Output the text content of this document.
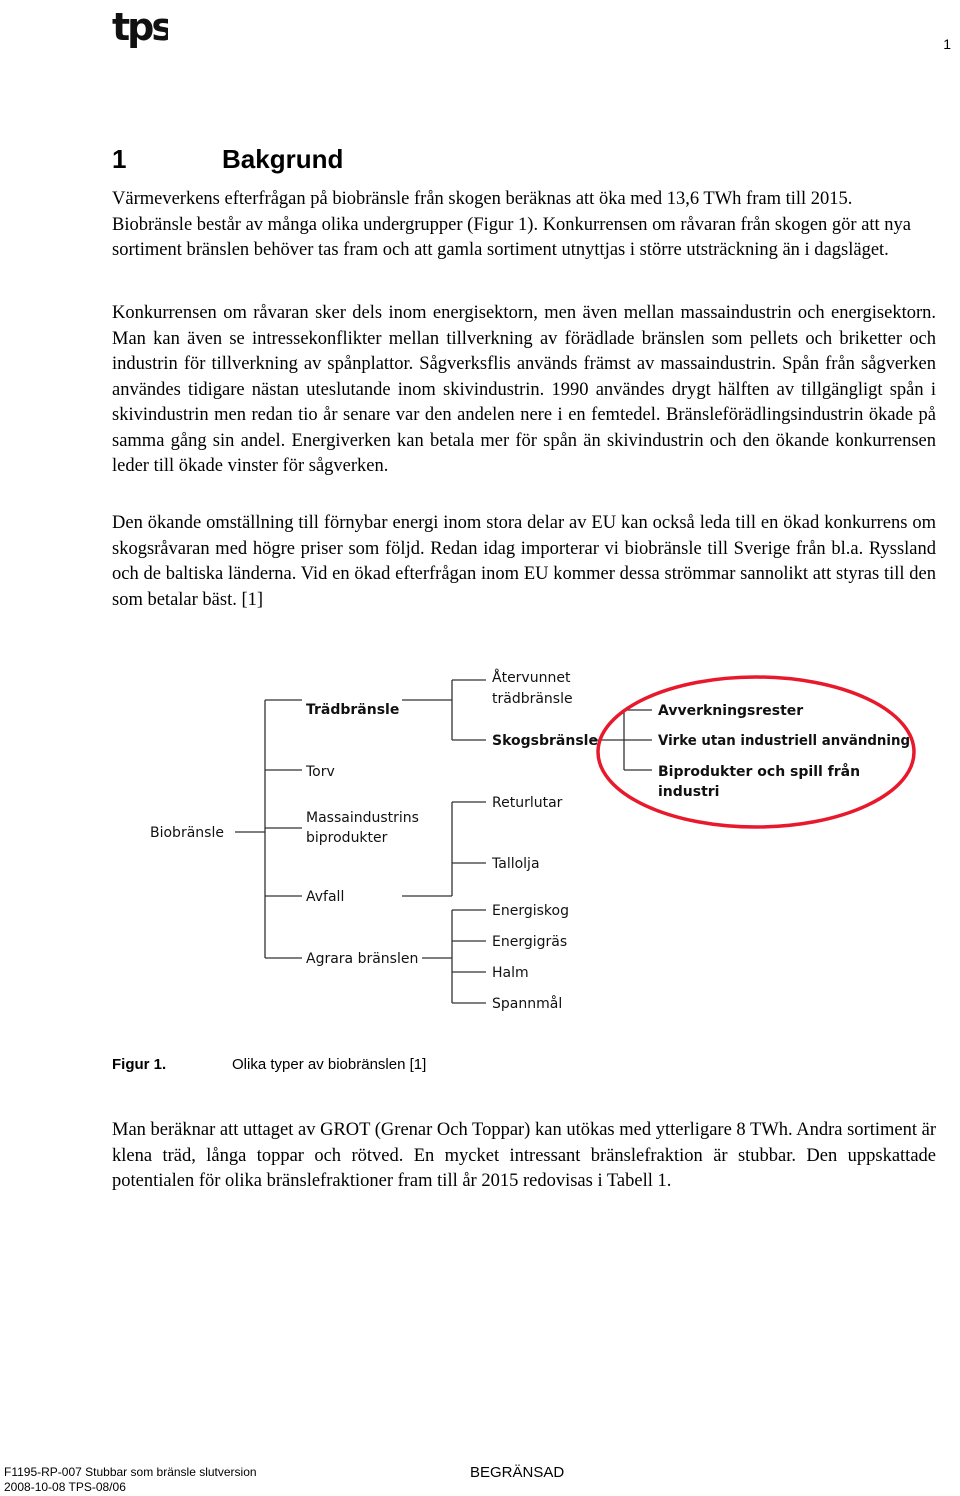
tps	1
1	Bakgrund

Värmeverkens efterfrågan på biobränsle från skogen beräknas att öka med 13,6 TWh fram till 2015. Biobränsle består av många olika undergrupper (Figur 1). Konkurrensen om råvaran från skogen gör att nya sortiment bränslen behöver tas fram och att gamla sortiment utnyttjas i större utsträckning än i dagsläget.

Konkurrensen om råvaran sker dels inom energisektorn, men även mellan massaindustrin och energisektorn. Man kan även se intressekonflikter mellan tillverkning av förädlade bränslen som pellets och briketter och industrin för tillverkning av spånplattor. Sågverksflis används främst av massaindustrin. Spån från sågverken användes tidigare nästan uteslutande inom skivindustrin. 1990 användes drygt hälften av tillgängligt spån i skivindustrin men redan tio år senare var den andelen nere i en femtedel. Bränsleförädlingsindustrin ökade på samma gång sin andel. Energiverken kan betala mer för spån än skivindustrin och den ökande konkurrensen leder till ökade vinster för sågverken.

Den ökande omställning till förnybar energi inom stora delar av EU kan också leda till en ökad konkurrens om skogsråvaran med högre priser som följd. Redan idag importerar vi biobränsle till Sverige från bl.a. Ryssland och de baltiska länderna. Vid en ökad efterfrågan inom EU kommer dessa strömmar sannolikt att styras till den som betalar bäst. [1]

Biobränsle
Trädbränsle
Torv
Massaindustrins
biprodukter
Avfall
Agrara bränslen
Återvunnet
trädbränsle
Skogsbränsle
Returlutar
Tallolja
Energiskog
Energigräs
Halm
Spannmål
Avverkningsrester
Virke utan industriell användning
Biprodukter och spill från
industri
Figur 1.	Olika typer av biobränslen [1]

Man beräknar att uttaget av GROT (Grenar Och Toppar) kan utökas med ytterligare 8 TWh. Andra sortiment är klena träd, långa toppar och rötved. En mycket intressant bränslefraktion är stubbar. Den uppskattade potentialen för olika bränslefraktioner fram till år 2015 redovisas i Tabell 1.

F1195-RP-007 Stubbar som bränsle slutversion
2008-10-08 TPS-08/06
BEGRÄNSAD
